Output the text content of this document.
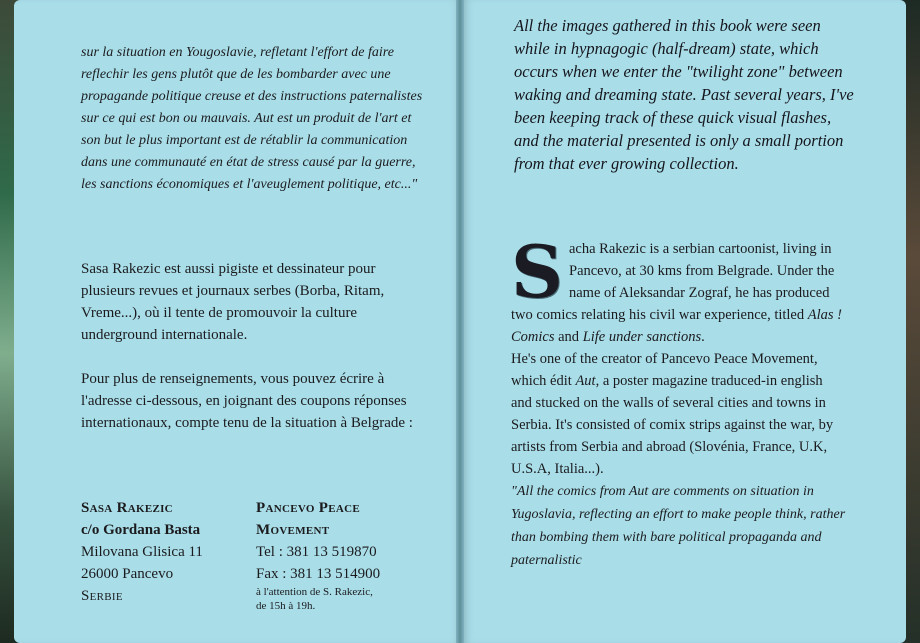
sur la situation en Yougoslavie, refletant l'effort de faire reflechir les gens plutôt que de les bombarder avec une propagande politique creuse et des instructions paternalistes sur ce qui est bon ou mauvais. Aut est un produit de l'art et son but le plus important est de rétablir la communication dans une communauté en état de stress causé par la guerre, les sanctions économiques et l'aveuglement politique, etc..."

Sasa Rakezic est aussi pigiste et dessinateur pour plusieurs revues et journaux serbes (Borba, Ritam, Vreme...), où il tente de promouvoir la culture underground internationale.

Pour plus de renseignements, vous pouvez écrire à l'adresse ci-dessous, en joignant des coupons réponses internationaux, compte tenu de la situation à Belgrade :

Sasa Rakezic
c/o Gordana Basta
Milovana Glisica 11
26000 Pancevo
Serbie
Pancevo Peace
Movement
Tel : 381 13 519870
Fax : 381 13 514900
à l'attention de S. Rakezic,
de 15h à 19h.

All the images gathered in this book were seen while in hypnagogic (half-dream) state, which occurs when we enter the "twilight zone" between waking and dreaming state. Past several years, I've been keeping track of these quick visual flashes, and the material presented is only a small portion from that ever growing collection.

Sacha Rakezic is a serbian cartoonist, living in Pancevo, at 30 kms from Belgrade. Under the name of Aleksandar Zograf, he has produced two comics relating his civil war experience, titled Alas ! Comics and Life under sanctions.
He's one of the creator of Pancevo Peace Movement, which édit Aut, a poster magazine traduced-in english and stucked on the walls of several cities and towns in Serbia. It's consisted of comix strips against the war, by artists from Serbia and abroad (Slovénia, France, U.K, U.S.A, Italia...).
"All the comics from Aut are comments on situation in Yugoslavia, reflecting an effort to make people think, rather than bombing them with bare political propaganda and paternalistic
